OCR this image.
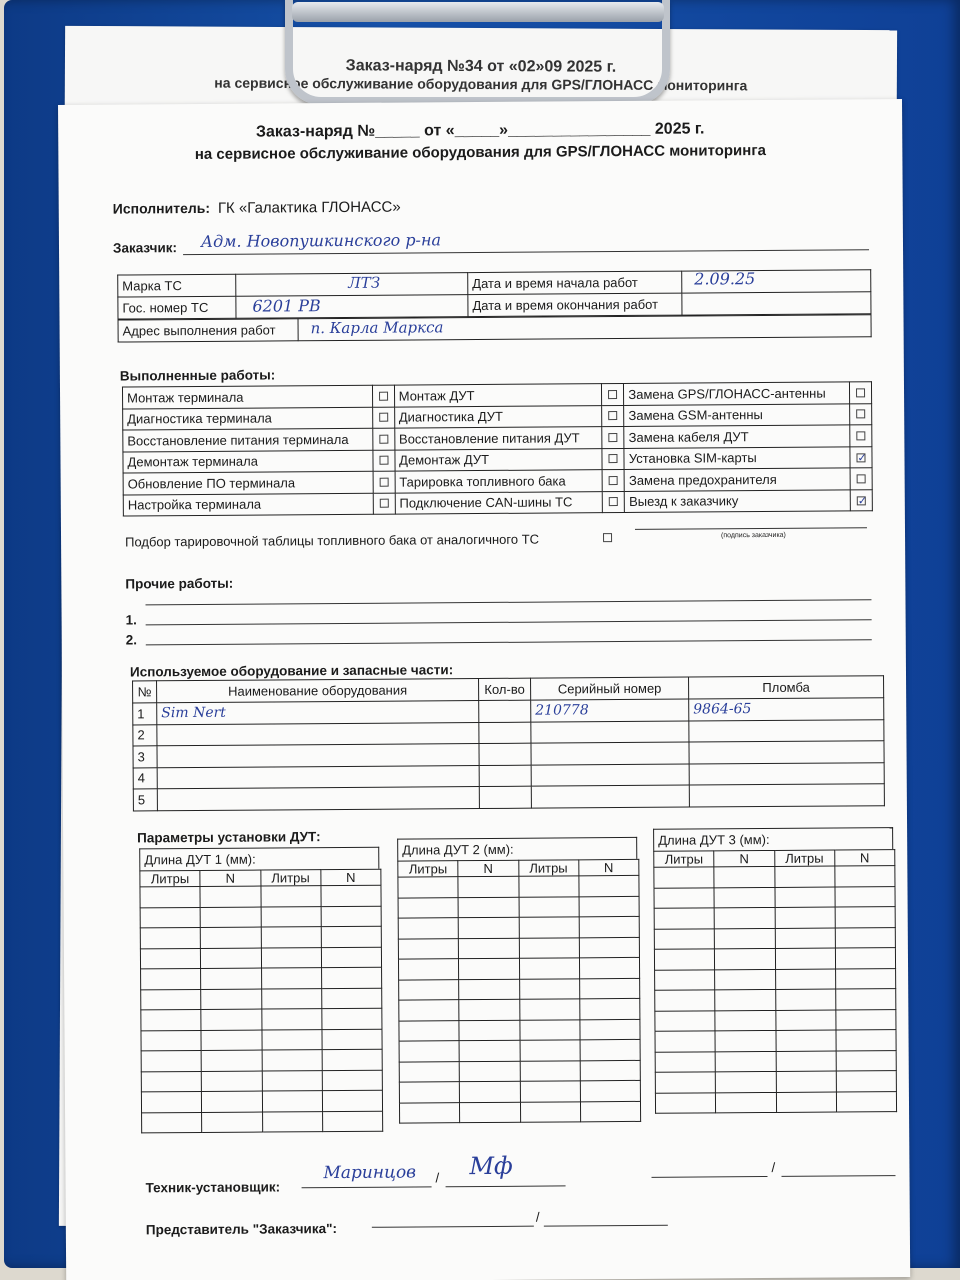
Заказ-наряд №34 от «02»09 2025 г.
на сервисное обслуживание оборудования для GPS/ГЛОНАСС мониторинга
Заказ-наряд №_____ от «_____»________________ 2025 г.
на сервисное обслуживание оборудования для GPS/ГЛОНАСС мониторинга
Исполнитель: ГК «Галактика ГЛОНАСС»
Заказчик: Адм. Новопушкинского р-на
Марка ТС	ЛТЗ	Дата и время начала работ	2.09.25
Гос. номер ТС	6201 РВ	Дата и время окончания работ	
Адрес выполнения работ	п. Карла Маркса
Выполненные работы:
Монтаж терминала		Монтаж ДУТ		Замена GPS/ГЛОНАСС-антенны	
Диагностика терминала		Диагностика ДУТ		Замена GSM-антенны	
Восстановление питания терминала		Восстановление питания ДУТ		Замена кабеля ДУТ	
Демонтаж терминала		Демонтаж ДУТ		Установка SIM-карты	✓
Обновление ПО терминала		Тарировка топливного бака		Замена предохранителя	
Настройка терминала		Подключение CAN-шины ТС		Выезд к заказчику	✓
Подбор тарировочной таблицы топливного бака от аналогичного ТС	(подпись заказчика)
Прочие работы:
1.
2.
Используемое оборудование и запасные части:
№	Наименование оборудования	Кол-во	Серийный номер	Пломба
1	Sim Nert		210778	9864-65
2				
3				
4				
5				
Параметры установки ДУТ:
Длина ДУТ 1 (мм):
Литры	N	Литры	N

Длина ДУТ 2 (мм):
Литры	N	Литры	N

Длина ДУТ 3 (мм):
Литры	N	Литры	N

Техник-установщик:
/
Маринцов Мф	/
Представитель "Заказчика":
/
